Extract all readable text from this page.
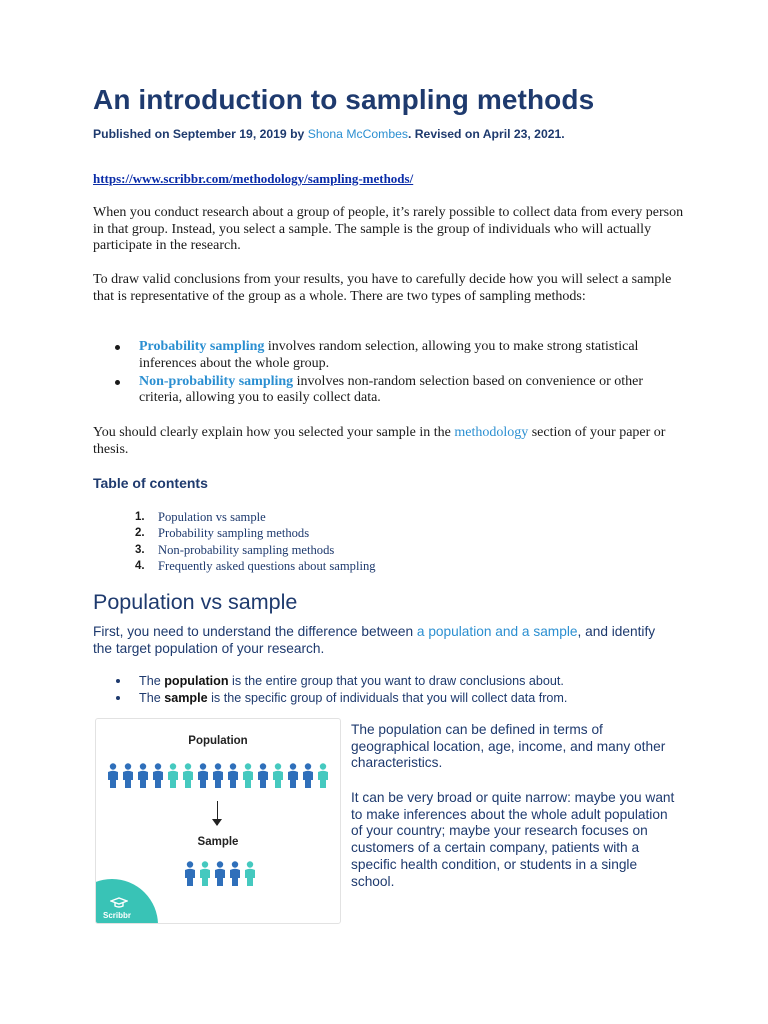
An introduction to sampling methods

Published on September 19, 2019 by Shona McCombes. Revised on April 23, 2021.

https://www.scribbr.com/methodology/sampling-methods/

When you conduct research about a group of people, it’s rarely possible to collect data from every person in that group. Instead, you select a sample. The sample is the group of individuals who will actually participate in the research.

To draw valid conclusions from your results, you have to carefully decide how you will select a sample that is representative of the group as a whole. There are two types of sampling methods:

Probability sampling involves random selection, allowing you to make strong statistical inferences about the whole group.
Non-probability sampling involves non-random selection based on convenience or other criteria, allowing you to easily collect data.

You should clearly explain how you selected your sample in the methodology section of your paper or thesis.

Table of contents
1. Population vs sample
2. Probability sampling methods
3. Non-probability sampling methods
4. Frequently asked questions about sampling
Population vs sample

First, you need to understand the difference between a population and a sample, and identify the target population of your research.

The population is the entire group that you want to draw conclusions about.
The sample is the specific group of individuals that you will collect data from.
Population
Sample
Scribbr

The population can be defined in terms of geographical location, age, income, and many other characteristics.

It can be very broad or quite narrow: maybe you want to make inferences about the whole adult population of your country; maybe your research focuses on customers of a certain company, patients with a specific health condition, or students in a single school.
